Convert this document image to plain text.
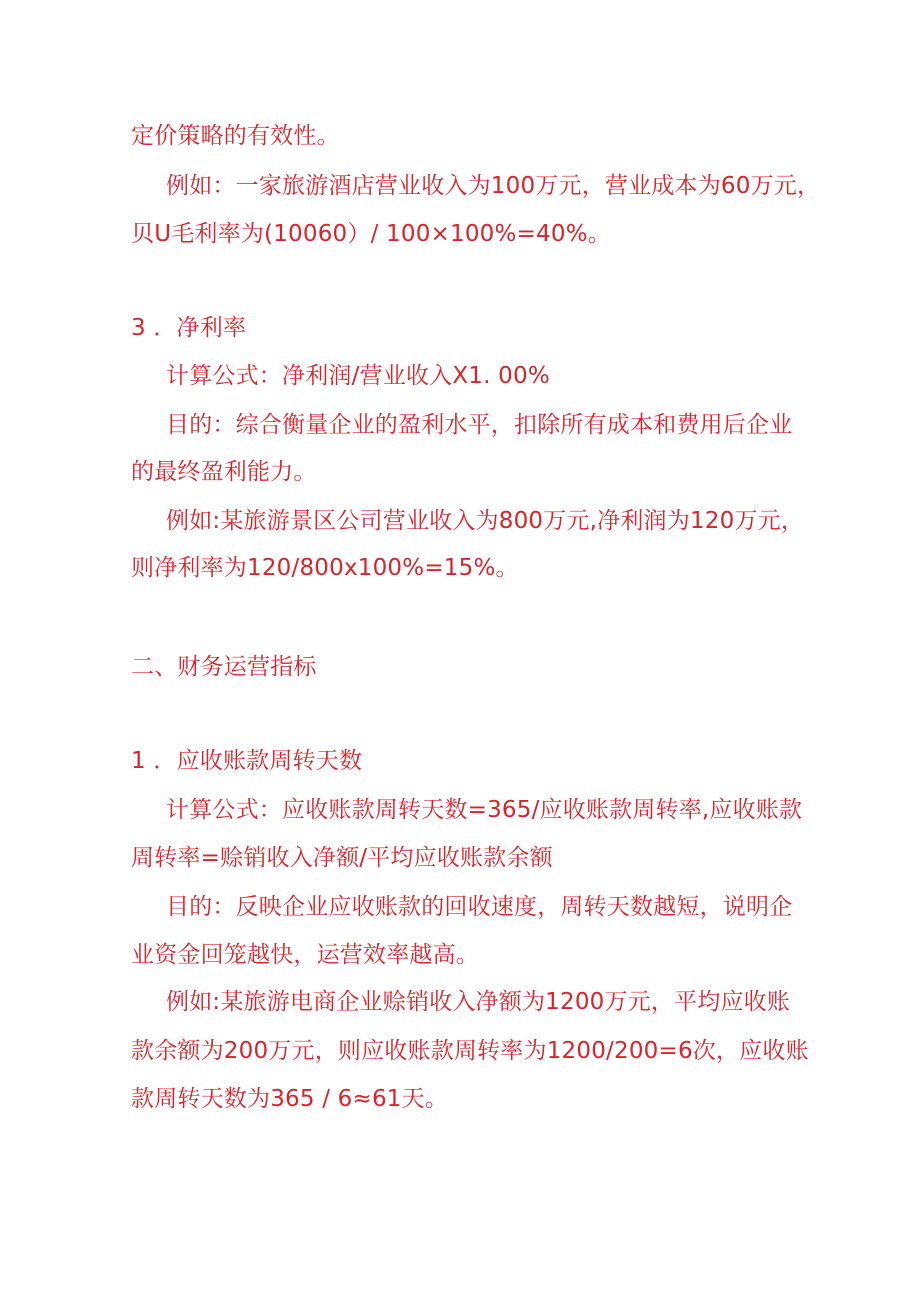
定价策略的有效性。
例如：一家旅游酒店营业收入为100万元，营业成本为60万元，
贝U毛利率为(10060）/ 100×100%=40%。
3 ．净利率
计算公式：净利润/营业收入X1. 00%
目的：综合衡量企业的盈利水平，扣除所有成本和费用后企业
的最终盈利能力。
例如:某旅游景区公司营业收入为800万元,净利润为120万元，
则净利率为120/800x100%=15%。
二、财务运营指标
1 ．应收账款周转天数
计算公式：应收账款周转天数=365/应收账款周转率,应收账款
周转率=赊销收入净额/平均应收账款余额
目的：反映企业应收账款的回收速度，周转天数越短，说明企
业资金回笼越快，运营效率越高。
例如:某旅游电商企业赊销收入净额为1200万元，平均应收账
款余额为200万元，则应收账款周转率为1200/200=6次，应收账
款周转天数为365 / 6≈61天。
